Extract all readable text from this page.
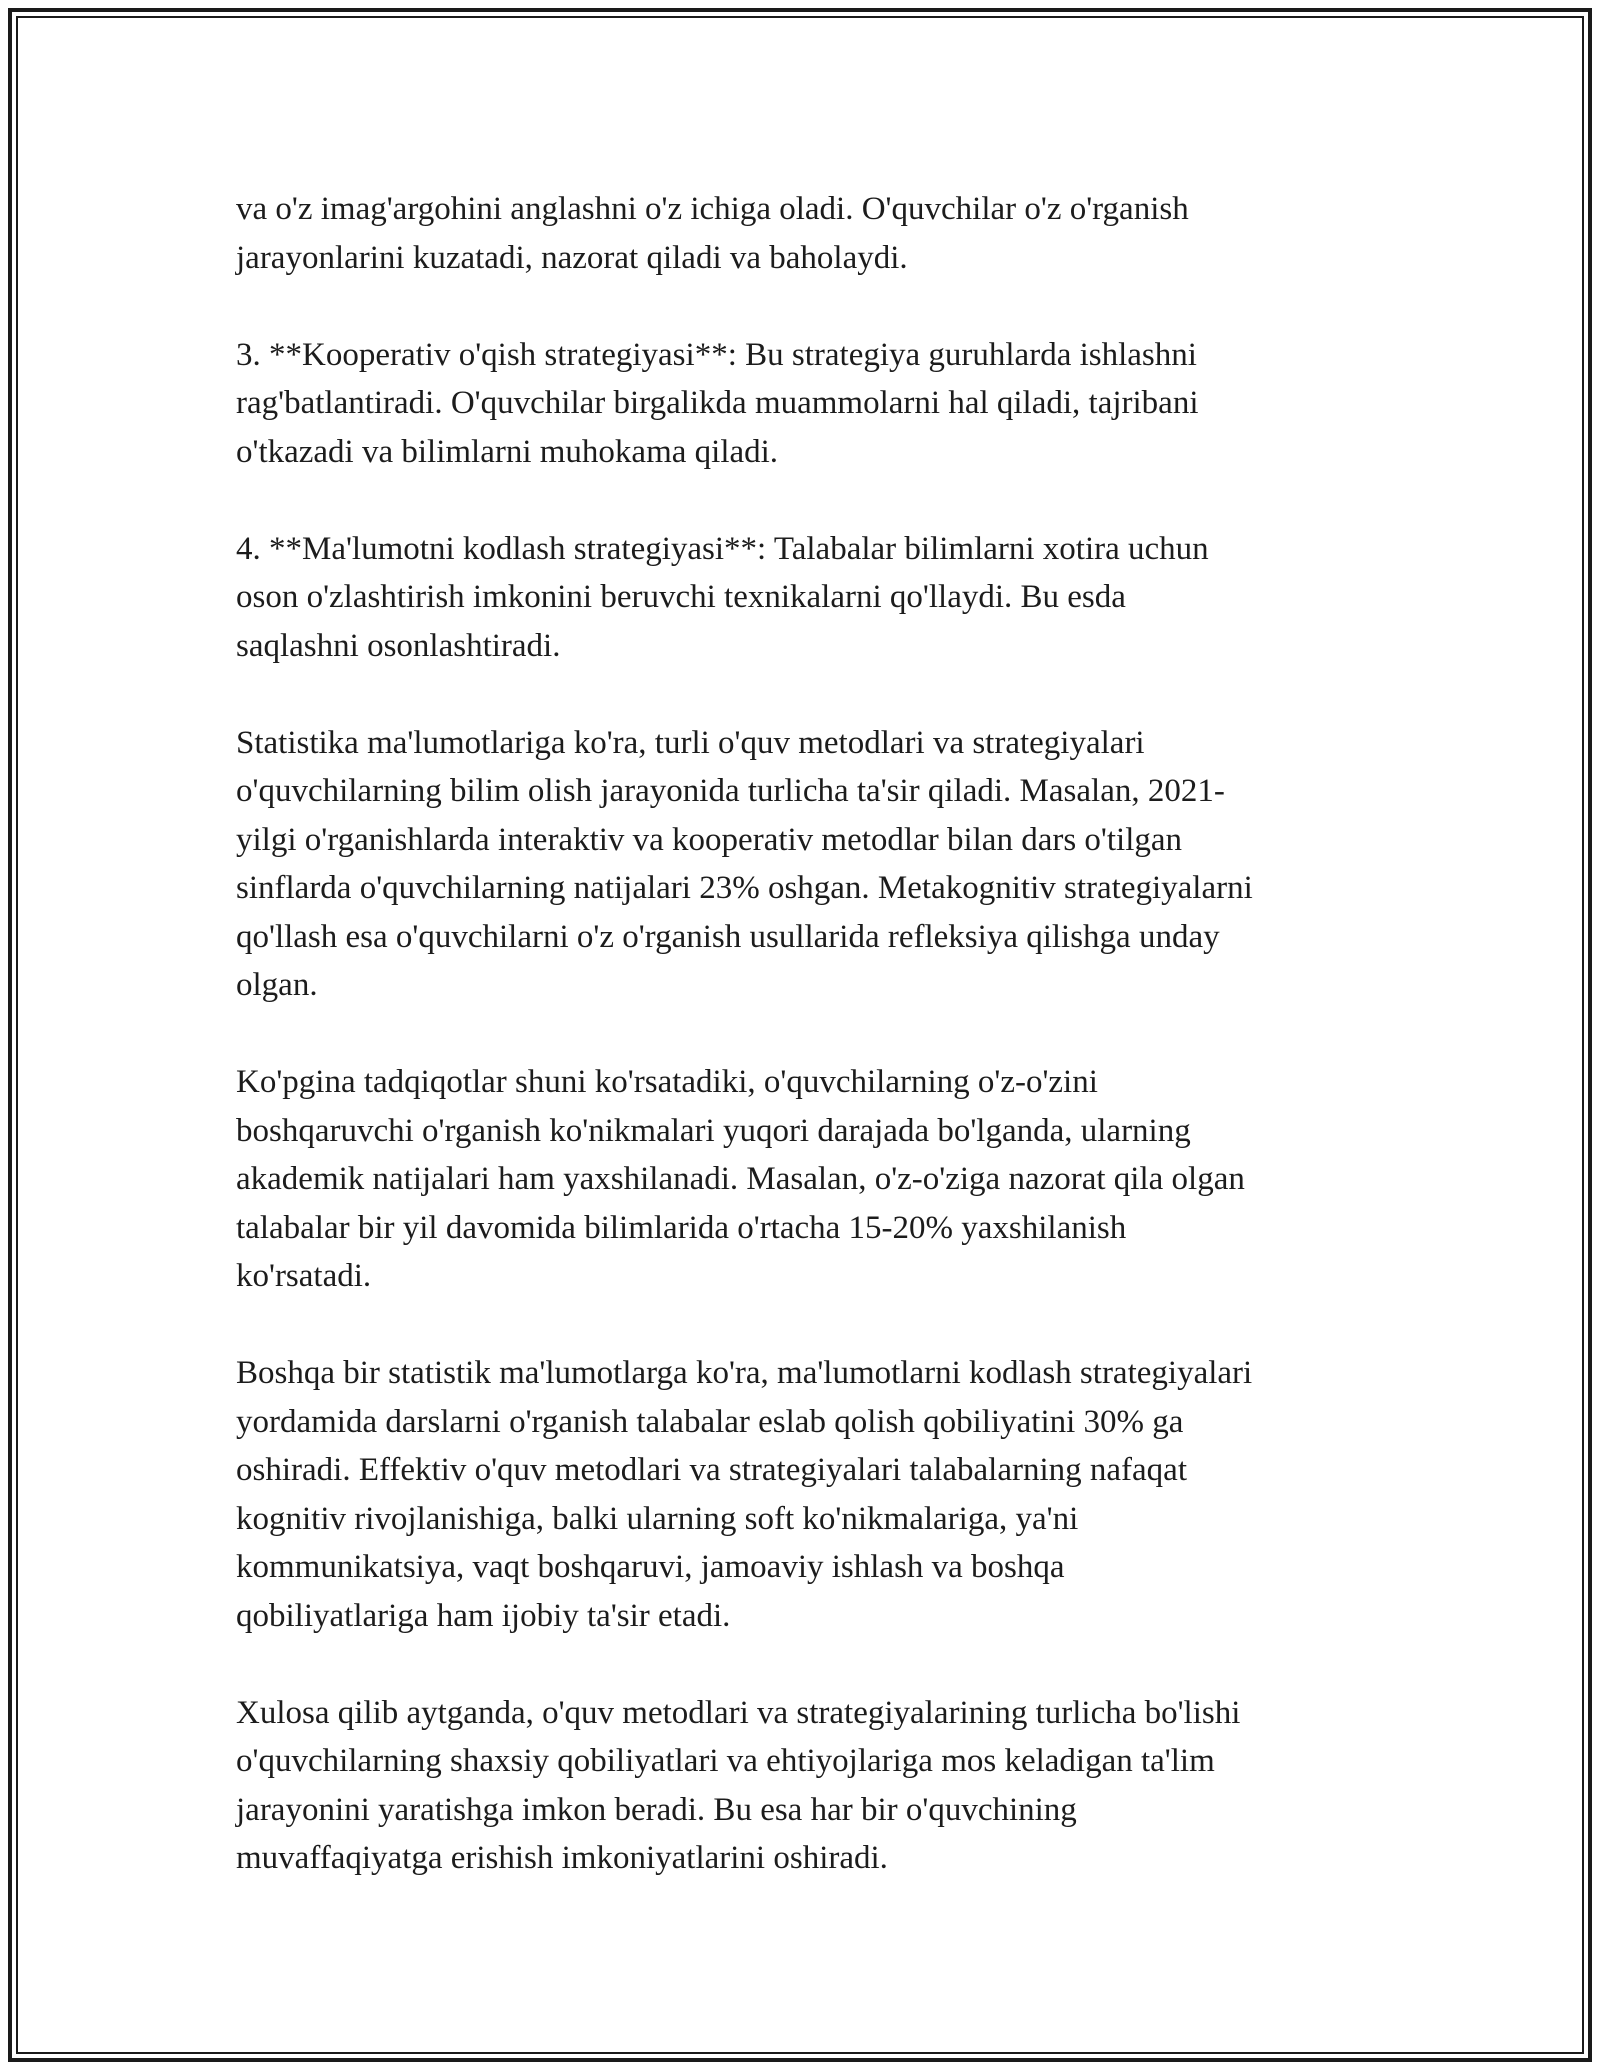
va o'z imag'argohini anglashni o'z ichiga oladi. O'quvchilar o'z o'rganish
jarayonlarini kuzatadi, nazorat qiladi va baholaydi.

3. **Kooperativ o'qish strategiyasi**: Bu strategiya guruhlarda ishlashni
rag'batlantiradi. O'quvchilar birgalikda muammolarni hal qiladi, tajribani
o'tkazadi va bilimlarni muhokama qiladi.

4. **Ma'lumotni kodlash strategiyasi**: Talabalar bilimlarni xotira uchun
oson o'zlashtirish imkonini beruvchi texnikalarni qo'llaydi. Bu esda
saqlashni osonlashtiradi.

Statistika ma'lumotlariga ko'ra, turli o'quv metodlari va strategiyalari
o'quvchilarning bilim olish jarayonida turlicha ta'sir qiladi. Masalan, 2021-
yilgi o'rganishlarda interaktiv va kooperativ metodlar bilan dars o'tilgan
sinflarda o'quvchilarning natijalari 23% oshgan. Metakognitiv strategiyalarni
qo'llash esa o'quvchilarni o'z o'rganish usullarida refleksiya qilishga unday
olgan.

Ko'pgina tadqiqotlar shuni ko'rsatadiki, o'quvchilarning o'z-o'zini
boshqaruvchi o'rganish ko'nikmalari yuqori darajada bo'lganda, ularning
akademik natijalari ham yaxshilanadi. Masalan, o'z-o'ziga nazorat qila olgan
talabalar bir yil davomida bilimlarida o'rtacha 15-20% yaxshilanish
ko'rsatadi.

Boshqa bir statistik ma'lumotlarga ko'ra, ma'lumotlarni kodlash strategiyalari
yordamida darslarni o'rganish talabalar eslab qolish qobiliyatini 30% ga
oshiradi. Effektiv o'quv metodlari va strategiyalari talabalarning nafaqat
kognitiv rivojlanishiga, balki ularning soft ko'nikmalariga, ya'ni
kommunikatsiya, vaqt boshqaruvi, jamoaviy ishlash va boshqa
qobiliyatlariga ham ijobiy ta'sir etadi.

Xulosa qilib aytganda, o'quv metodlari va strategiyalarining turlicha bo'lishi
o'quvchilarning shaxsiy qobiliyatlari va ehtiyojlariga mos keladigan ta'lim
jarayonini yaratishga imkon beradi. Bu esa har bir o'quvchining
muvaffaqiyatga erishish imkoniyatlarini oshiradi.
